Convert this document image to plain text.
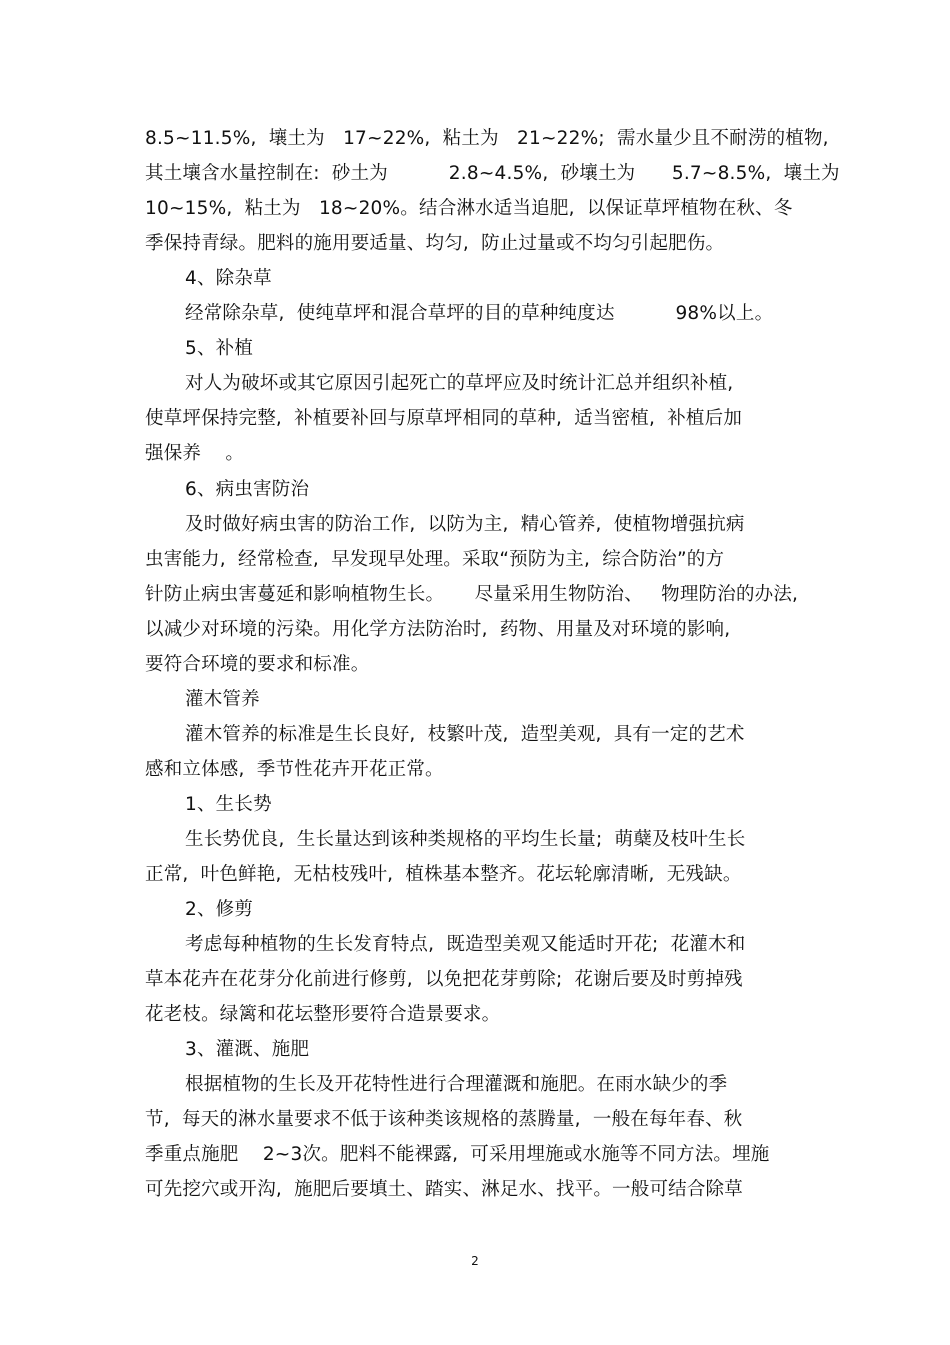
8.5~11.5%,  壤土为   17~22%,  粘土为   21~22%;  需水量少且不耐涝的植物,
其土壤含水量控制在:  砂土为          2.8~4.5%,  砂壤土为      5.7~8.5%,  壤土为
10~15%,  粘土为   18~20%。结合淋水适当追肥,  以保证草坪植物在秋、冬
季保持青绿。肥料的施用要适量、均匀,  防止过量或不均匀引起肥伤。
4、除杂草
经常除杂草,  使纯草坪和混合草坪的目的草种纯度达          98%以上。
5、补植
对人为破坏或其它原因引起死亡的草坪应及时统计汇总并组织补植,
使草坪保持完整,  补植要补回与原草坪相同的草种,  适当密植,  补植后加
强保养    。
6、病虫害防治
及时做好病虫害的防治工作,  以防为主,  精心管养,  使植物增强抗病
虫害能力,  经常检查,  早发现早处理。采取“预防为主,  综合防治”的方
针防止病虫害蔓延和影响植物生长。     尽量采用生物防治、   物理防治的办法,
以减少对环境的污染。用化学方法防治时,  药物、用量及对环境的影响,
要符合环境的要求和标准。
灌木管养
灌木管养的标准是生长良好,  枝繁叶茂,  造型美观,  具有一定的艺术
感和立体感,  季节性花卉开花正常。
1、生长势
生长势优良,  生长量达到该种类规格的平均生长量;  萌蘖及枝叶生长
正常,  叶色鲜艳,  无枯枝残叶,  植株基本整齐。花坛轮廓清晰,  无残缺。
2、修剪
考虑每种植物的生长发育特点,  既造型美观又能适时开花;  花灌木和
草本花卉在花芽分化前进行修剪,  以免把花芽剪除;  花谢后要及时剪掉残
花老枝。绿篱和花坛整形要符合造景要求。
3、灌溉、施肥
根据植物的生长及开花特性进行合理灌溉和施肥。在雨水缺少的季
节,  每天的淋水量要求不低于该种类该规格的蒸腾量,  一般在每年春、秋
季重点施肥    2~3次。肥料不能裸露,  可采用埋施或水施等不同方法。埋施
可先挖穴或开沟,  施肥后要填土、踏实、淋足水、找平。一般可结合除草
2
